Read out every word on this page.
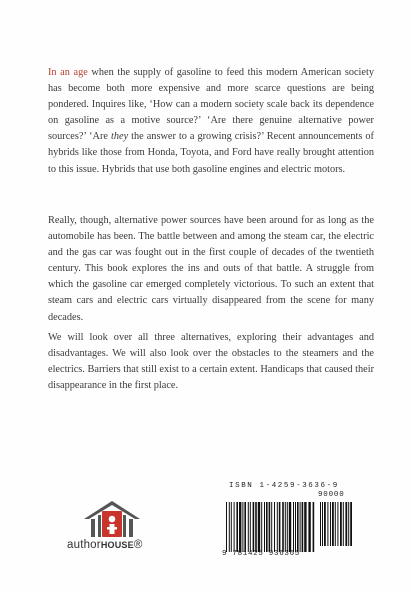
In an age when the supply of gasoline to feed this modern American society has become both more expensive and more scarce questions are being pondered. Inquires like, ‘How can a modern society scale back its dependence on gasoline as a motive source?’ ‘Are there genuine alternative power sources?’ ‘Are they the answer to a growing crisis?’ Recent announcements of hybrids like those from Honda, Toyota, and Ford have really brought attention to this issue. Hybrids that use both gasoline engines and electric motors.
Really, though, alternative power sources have been around for as long as the automobile has been. The battle between and among the steam car, the electric and the gas car was fought out in the first couple of decades of the twentieth century. This book explores the ins and outs of that battle. A struggle from which the gasoline car emerged completely victorious. To such an extent that steam cars and electric cars virtually disappeared from the scene for many decades.
We will look over all three alternatives, exploring their advantages and disadvantages. We will also look over the obstacles to the steamers and the electrics. Barriers that still exist to a certain extent. Handicaps that caused their disappearance in the first place.
authorHOUSE®
ISBN 1-4259-3636-9
90000
9 781425 936365
